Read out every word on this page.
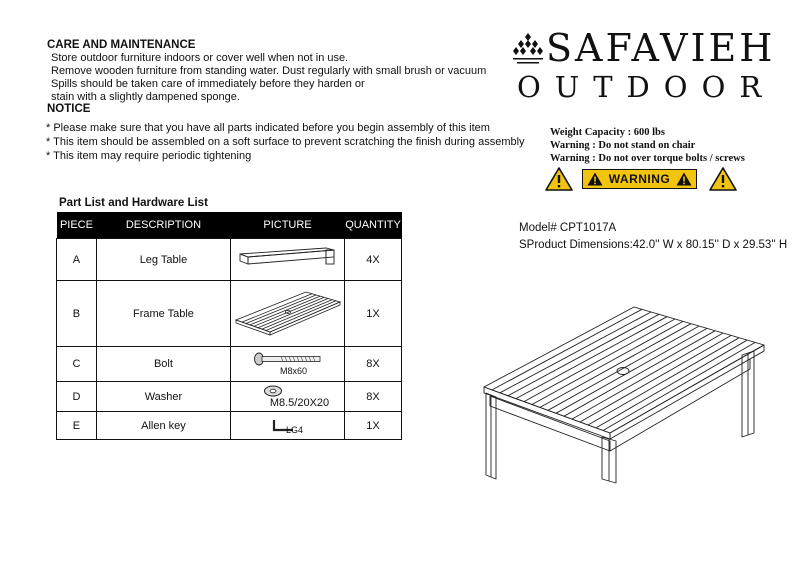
CARE AND MAINTENANCE
Store outdoor furniture indoors or cover well when not in use.
Remove wooden furniture from standing water. Dust regularly with small brush or vacuum
Spills should be taken care of immediately before they harden or
stain with a slightly dampened sponge.
NOTICE
* Please make sure that you have all parts indicated before you begin assembly of this item
* This item should be assembled on a soft surface to prevent scratching the finish during assembly
* This item may require periodic tightening
SAFAVIEH
OUTDOOR
Weight Capacity : 600 lbs
Warning : Do not stand on chair
Warning : Do not over torque bolts / screws
WARNING
Model# CPT1017A
SProduct Dimensions:42.0'' W x 80.15'' D x 29.53'' H
Part List and Hardware List
PIECE	DESCRIPTION	PICTURE	QUANTITY
A	Leg Table		4X
B	Frame Table		1X
C	Bolt	M8x60	8X
D	Washer	M8.5/20X20	8X
E	Allen key	LG4	1X
